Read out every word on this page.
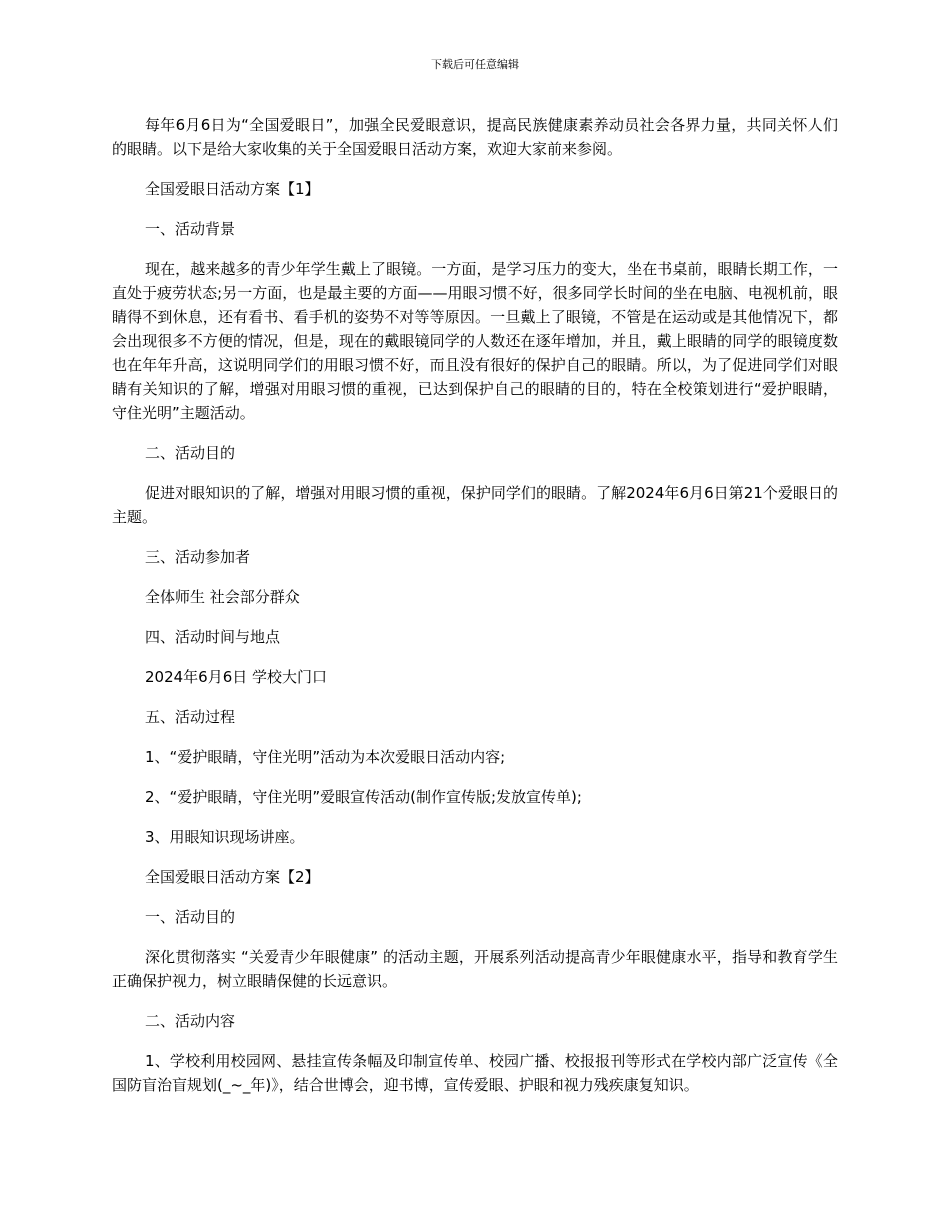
下载后可任意编辑

每年6月6日为“全国爱眼日”，加强全民爱眼意识，提高民族健康素养动员社会各界力量，共同关怀人们的眼睛。以下是给大家收集的关于全国爱眼日活动方案，欢迎大家前来参阅。

全国爱眼日活动方案【1】

一、活动背景

现在，越来越多的青少年学生戴上了眼镜。一方面，是学习压力的变大，坐在书桌前，眼睛长期工作，一直处于疲劳状态;另一方面，也是最主要的方面——用眼习惯不好，很多同学长时间的坐在电脑、电视机前，眼睛得不到休息，还有看书、看手机的姿势不对等等原因。一旦戴上了眼镜，不管是在运动或是其他情况下，都会出现很多不方便的情况，但是，现在的戴眼镜同学的人数还在逐年增加，并且，戴上眼睛的同学的眼镜度数也在年年升高，这说明同学们的用眼习惯不好，而且没有很好的保护自己的眼睛。所以，为了促进同学们对眼睛有关知识的了解，增强对用眼习惯的重视，已达到保护自己的眼睛的目的，特在全校策划进行“爱护眼睛，守住光明”主题活动。

二、活动目的

促进对眼知识的了解，增强对用眼习惯的重视，保护同学们的眼睛。了解2024年6月6日第21个爱眼日的主题。

三、活动参加者

全体师生 社会部分群众

四、活动时间与地点

2024年6月6日 学校大门口

五、活动过程

1、“爱护眼睛，守住光明”活动为本次爱眼日活动内容;

2、“爱护眼睛，守住光明”爱眼宣传活动(制作宣传版;发放宣传单);

3、用眼知识现场讲座。

全国爱眼日活动方案【2】

一、活动目的

深化贯彻落实 “关爱青少年眼健康” 的活动主题，开展系列活动提高青少年眼健康水平，指导和教育学生正确保护视力，树立眼睛保健的长远意识。

二、活动内容

1、学校利用校园网、悬挂宣传条幅及印制宣传单、校园广播、校报报刊等形式在学校内部广泛宣传《全国防盲治盲规划(_~_年)》，结合世博会，迎书博，宣传爱眼、护眼和视力残疾康复知识。
